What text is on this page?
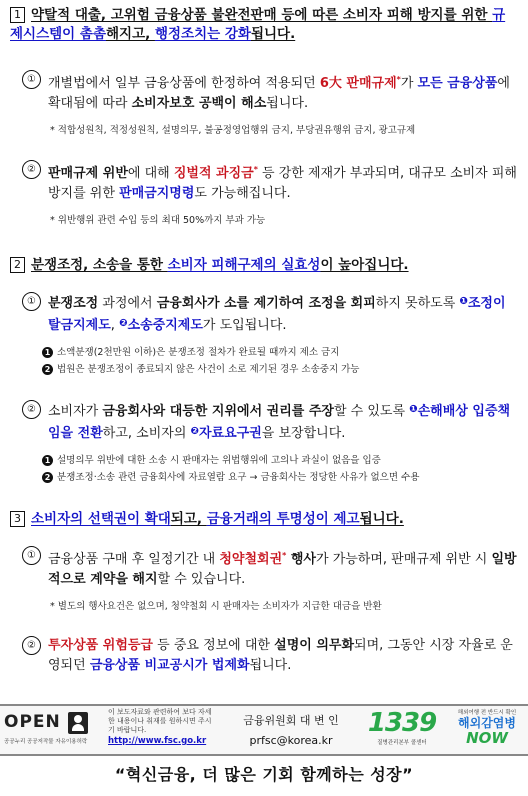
1 약탈적 대출, 고위험 금융상품 불완전판매 등에 따른 소비자 피해 방지를 위한 규제시스템이 촘촘해지고, 행정조치는 강화됩니다.
① 개별법에서 일부 금융상품에 한정하여 적용되던 6大 판매규제*가 모든 금융상품에 확대됨에 따라 소비자보호 공백이 해소됩니다.
* 적합성원칙, 적정성원칙, 설명의무, 불공정영업행위 금지, 부당권유행위 금지, 광고규제
② 판매규제 위반에 대해 징벌적 과징금* 등 강한 제재가 부과되며, 대규모 소비자 피해 방지를 위한 판매금지명령도 가능해집니다.
* 위반행위 관련 수입 등의 최대 50%까지 부과 가능
2 분쟁조정, 소송을 통한 소비자 피해구제의 실효성이 높아집니다.
① 분쟁조정 과정에서 금융회사가 소를 제기하여 조정을 회피하지 못하도록 $^❶$조정이탈금지제도, $^❷$소송중지제도가 도입됩니다.
1 소액분쟁(2천만원 이하)은 분쟁조정 절차가 완료될 때까지 제소 금지
2 법원은 분쟁조정이 종료되지 않은 사건이 소로 제기된 경우 소송중지 가능
② 소비자가 금융회사와 대등한 지위에서 권리를 주장할 수 있도록 $^❶$손해배상 입증책임을 전환하고, 소비자의 $^❷$자료요구권을 보장합니다.
1 설명의무 위반에 대한 소송 시 판매자는 위법행위에 고의나 과실이 없음을 입증
2 분쟁조정·소송 관련 금융회사에 자료열람 요구 → 금융회사는 정당한 사유가 없으면 수용
3 소비자의 선택권이 확대되고, 금융거래의 투명성이 제고됩니다.
① 금융상품 구매 후 일정기간 내 청약철회권* 행사가 가능하며, 판매규제 위반 시 일방적으로 계약을 해지할 수 있습니다.
* 별도의 행사요건은 없으며, 청약철회 시 판매자는 소비자가 지급한 대금을 반환
② 투자상품 위험등급 등 중요 정보에 대한 설명이 의무화되며, 그동안 시장 자율로 운영되던 금융상품 비교공시가 법제화됩니다.
OPEN
공공누리 공공저작물 자유이용허락
이 보도자료와 관련하여 보다 자세한 내용이나 취재를 원하시면 주시기 바랍니다.
http://www.fsc.go.kr
금융위원회 대 변 인
prfsc@korea.kr
1339
질병관리본부 콜센터
해외여행 전 반드시 확인
해외감염병
NOW
“혁신금융, 더 많은 기회 함께하는 성장”
